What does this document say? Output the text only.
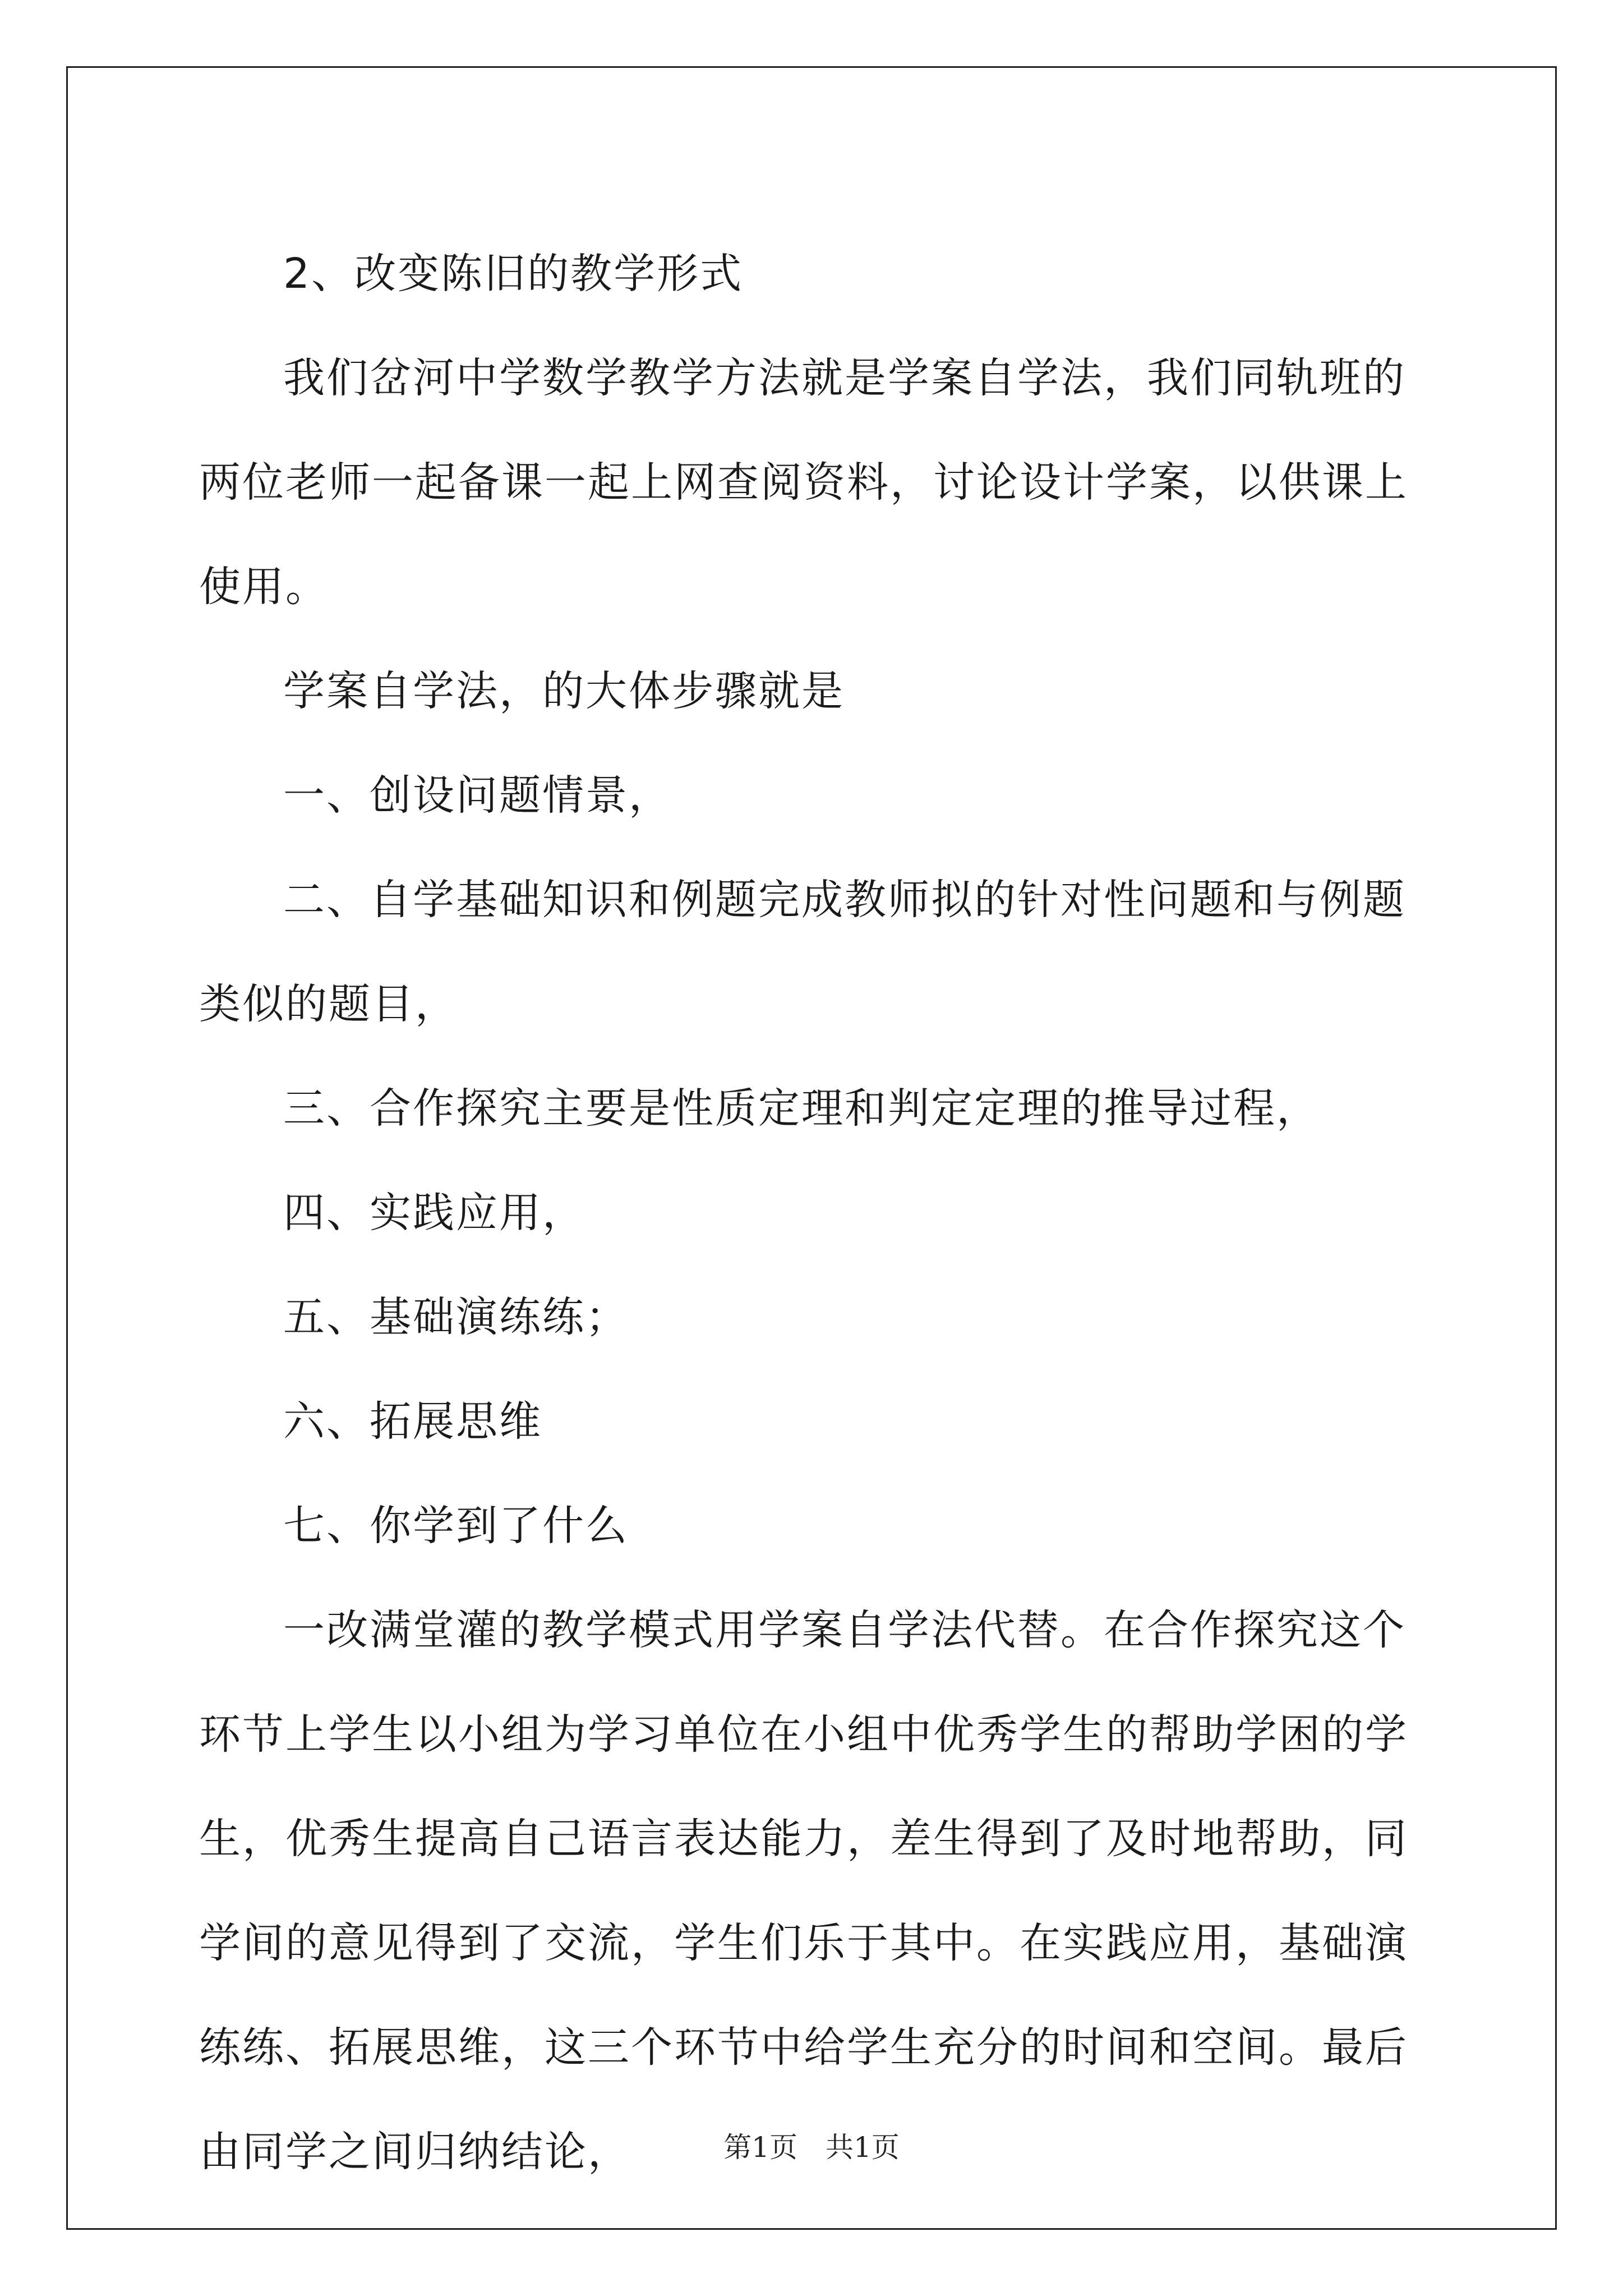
2、改变陈旧的教学形式

我们岔河中学数学教学方法就是学案自学法，我们同轨班的两位老师一起备课一起上网查阅资料，讨论设计学案，以供课上使用。

学案自学法，的大体步骤就是

一、创设问题情景，

二、自学基础知识和例题完成教师拟的针对性问题和与例题类似的题目，

三、合作探究主要是性质定理和判定定理的推导过程，

四、实践应用，

五、基础演练练；

六、拓展思维

七、你学到了什么

一改满堂灌的教学模式用学案自学法代替。在合作探究这个环节上学生以小组为学习单位在小组中优秀学生的帮助学困的学生，优秀生提高自己语言表达能力，差生得到了及时地帮助，同学间的意见得到了交流，学生们乐于其中。在实践应用，基础演练练、拓展思维，这三个环节中给学生充分的时间和空间。最后由同学之间归纳结论，	第1页 共1页
